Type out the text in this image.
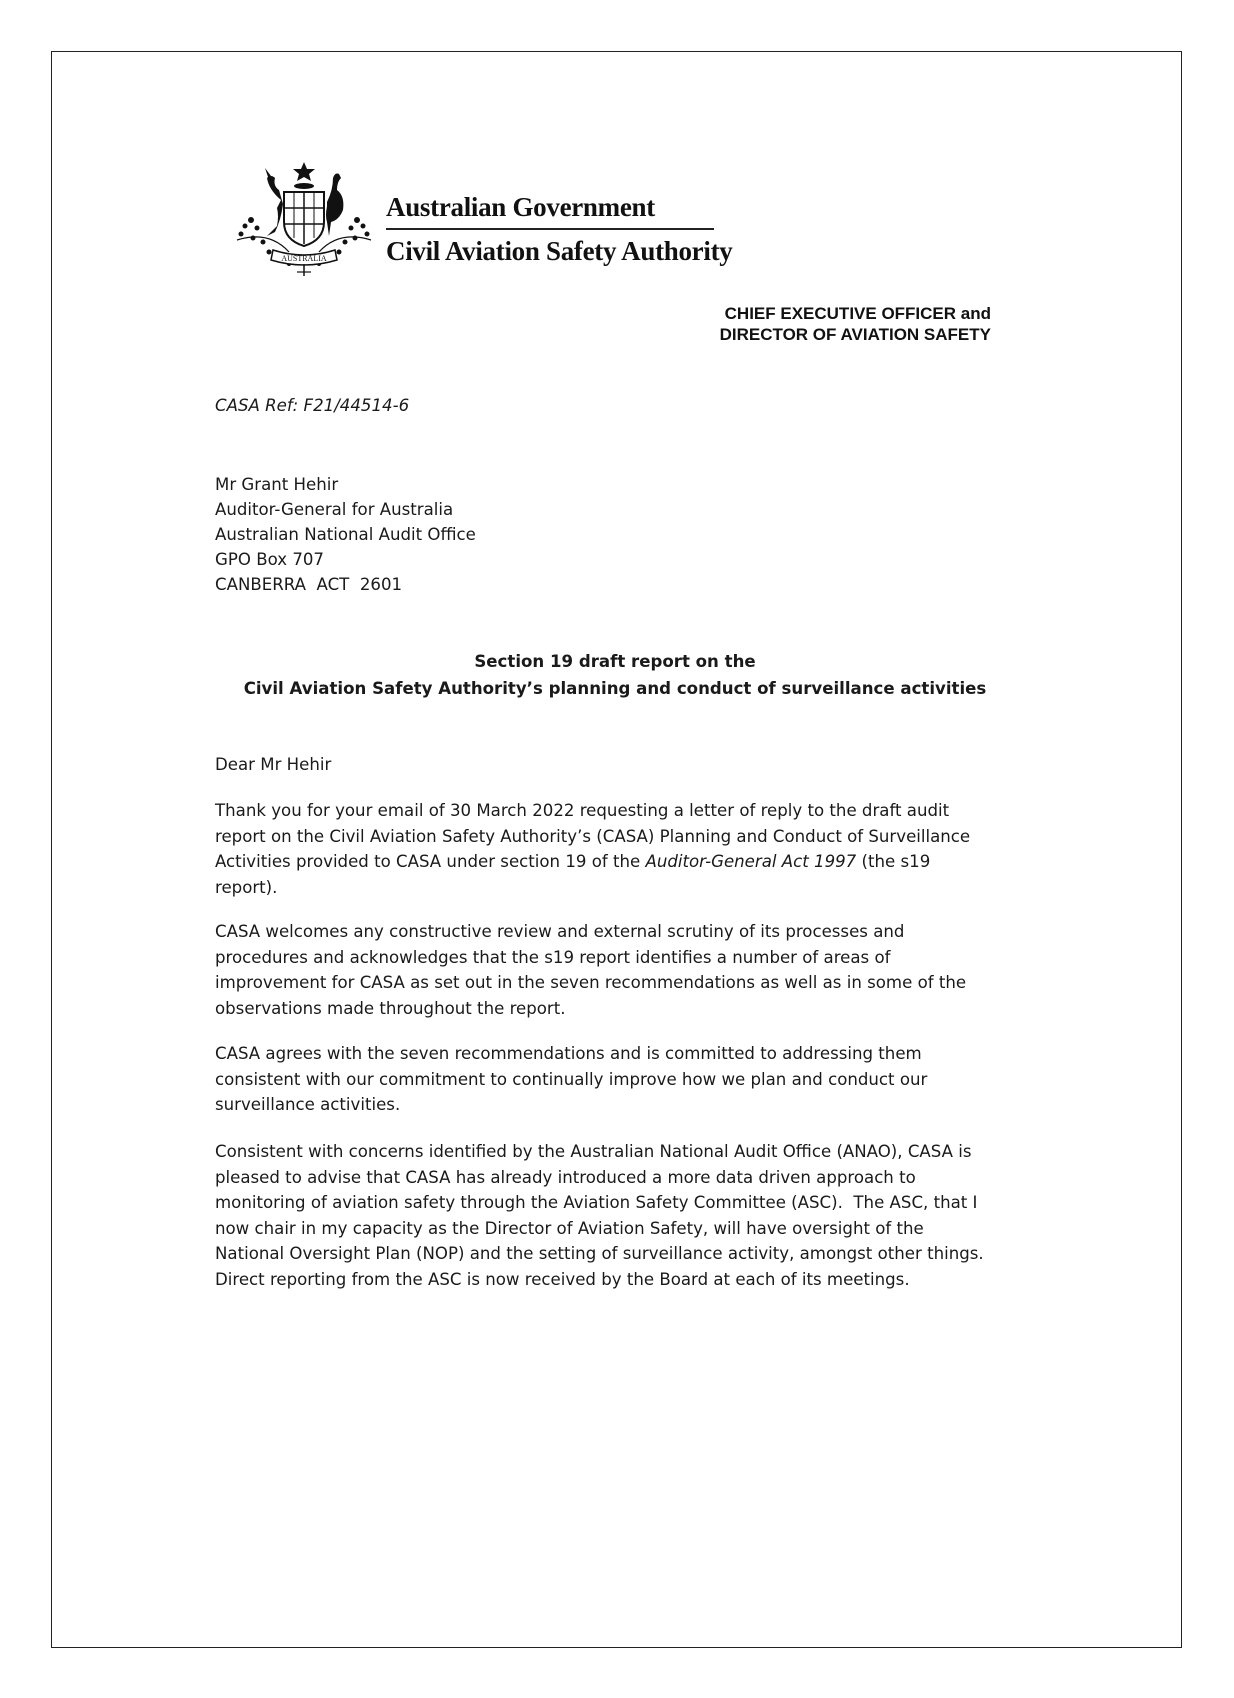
AUSTRALIA
Australian Government
Civil Aviation Safety Authority
CHIEF EXECUTIVE OFFICER and
DIRECTOR OF AVIATION SAFETY
CASA Ref: F21/44514-6
Mr Grant Hehir
Auditor-General for Australia
Australian National Audit Office
GPO Box 707
CANBERRA  ACT  2601
Section 19 draft report on the
Civil Aviation Safety Authority’s planning and conduct of surveillance activities
Dear Mr Hehir

Thank you for your email of 30 March 2022 requesting a letter of reply to the draft audit report on the Civil Aviation Safety Authority’s (CASA) Planning and Conduct of Surveillance Activities provided to CASA under section 19 of the Auditor-General Act 1997 (the s19 report).

CASA welcomes any constructive review and external scrutiny of its processes and procedures and acknowledges that the s19 report identifies a number of areas of improvement for CASA as set out in the seven recommendations as well as in some of the observations made throughout the report.

CASA agrees with the seven recommendations and is committed to addressing them consistent with our commitment to continually improve how we plan and conduct our surveillance activities.

Consistent with concerns identified by the Australian National Audit Office (ANAO), CASA is pleased to advise that CASA has already introduced a more data driven approach to monitoring of aviation safety through the Aviation Safety Committee (ASC).  The ASC, that I now chair in my capacity as the Director of Aviation Safety, will have oversight of the National Oversight Plan (NOP) and the setting of surveillance activity, amongst other things.  Direct reporting from the ASC is now received by the Board at each of its meetings.
